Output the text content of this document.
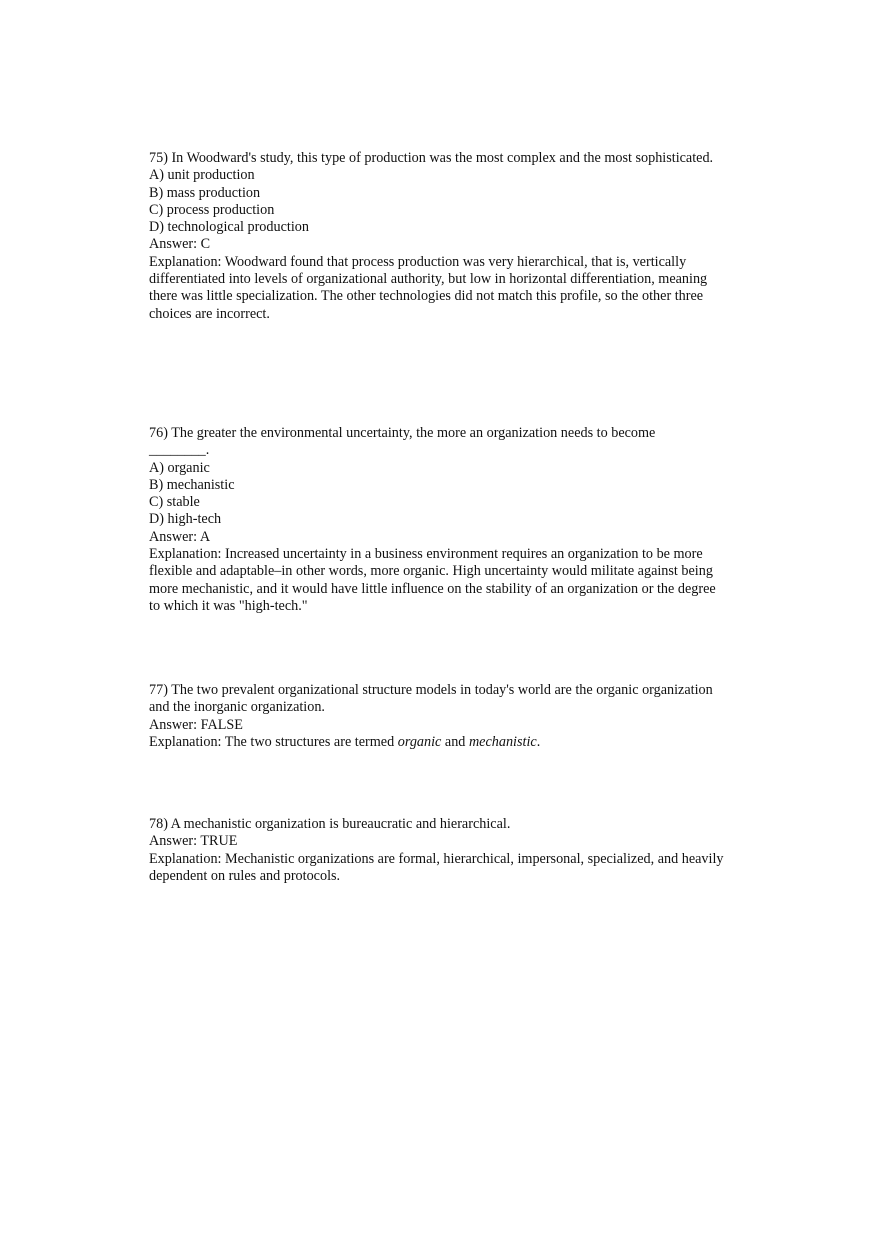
75) In Woodward's study, this type of production was the most complex and the most sophisticated.

A) unit production

B) mass production

C) process production

D) technological production

Answer: C

Explanation: Woodward found that process production was very hierarchical, that is, vertically differentiated into levels of organizational authority, but low in horizontal differentiation, meaning there was little specialization. The other technologies did not match this profile, so the other three choices are incorrect.

76) The greater the environmental uncertainty, the more an organization needs to become

________.

A) organic

B) mechanistic

C) stable

D) high-tech

Answer: A

Explanation: Increased uncertainty in a business environment requires an organization to be more flexible and adaptable–in other words, more organic. High uncertainty would militate against being more mechanistic, and it would have little influence on the stability of an organization or the degree to which it was "high-tech."

77) The two prevalent organizational structure models in today's world are the organic organization and the inorganic organization.

Answer: FALSE

Explanation: The two structures are termed organic and mechanistic.

78) A mechanistic organization is bureaucratic and hierarchical.

Answer: TRUE

Explanation: Mechanistic organizations are formal, hierarchical, impersonal, specialized, and heavily dependent on rules and protocols.
